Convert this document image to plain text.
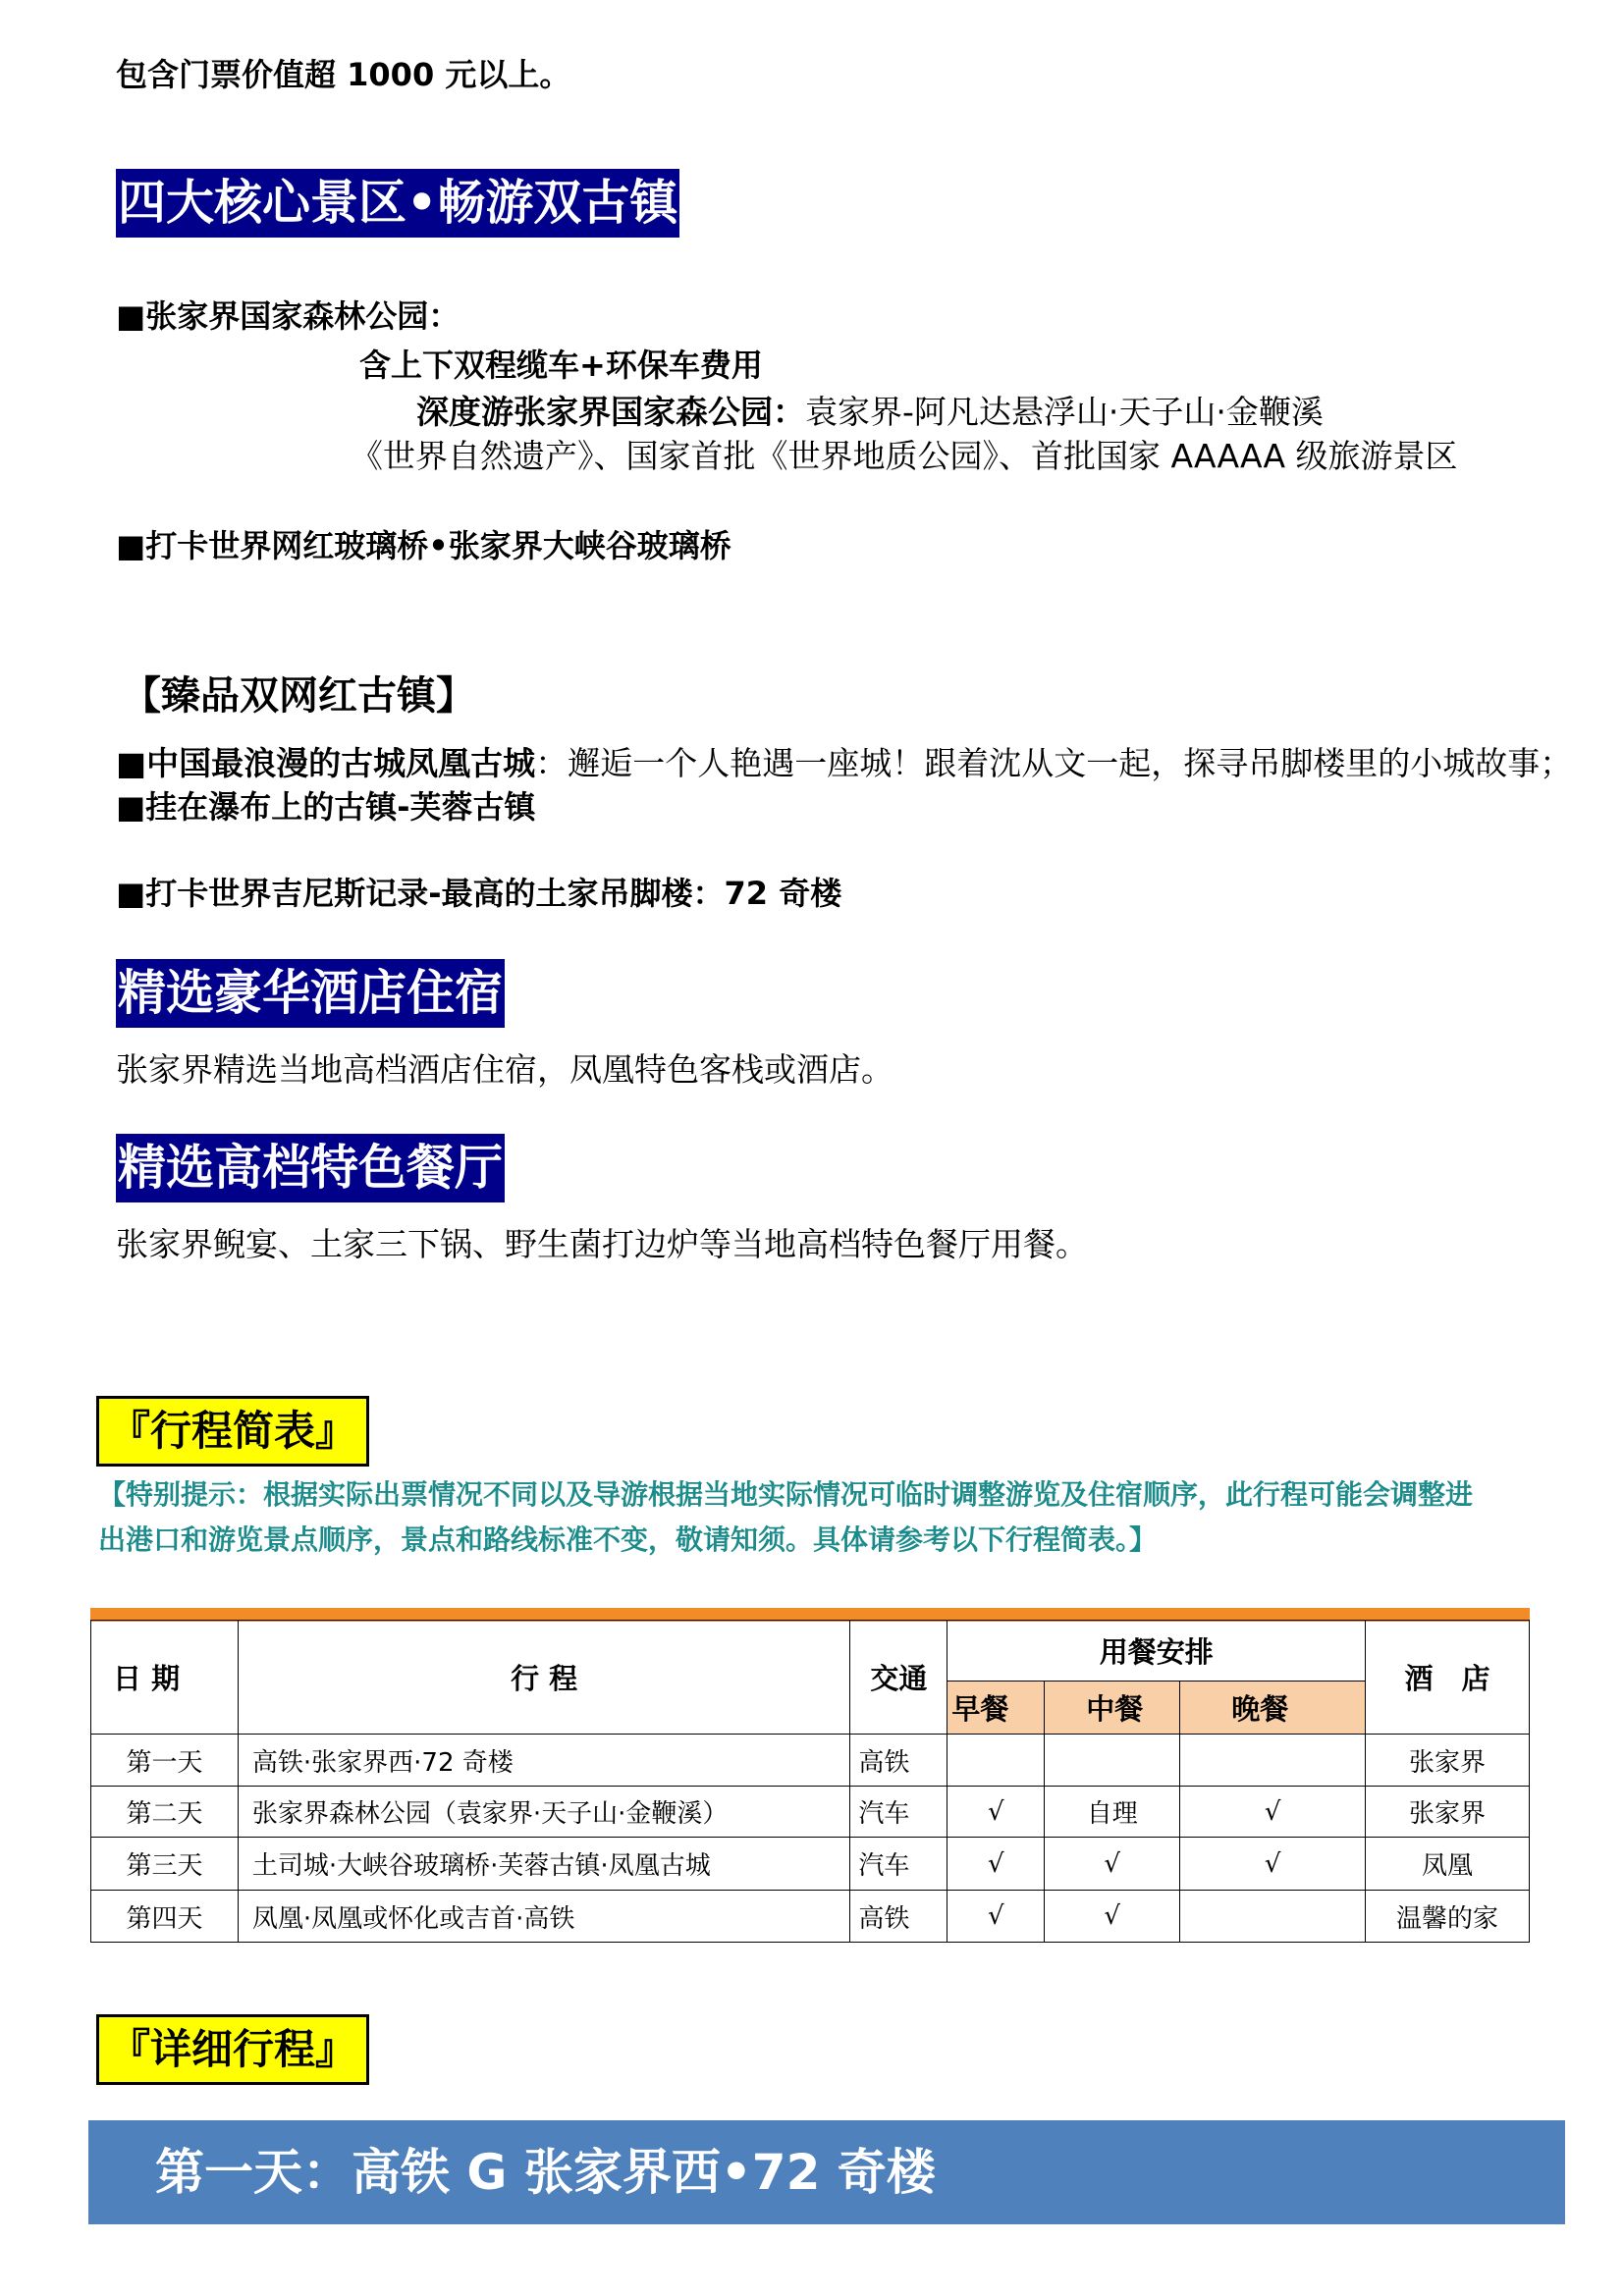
包含门票价值超 1000 元以上。
四大核心景区•畅游双古镇
■张家界国家森林公园：
含上下双程缆车+环保车费用
深度游张家界国家森公园：袁家界-阿凡达悬浮山·天子山·金鞭溪
《世界自然遗产》、国家首批《世界地质公园》、首批国家 AAAAA 级旅游景区
■打卡世界网红玻璃桥•张家界大峡谷玻璃桥
【臻品双网红古镇】
■中国最浪漫的古城凤凰古城：邂逅一个人艳遇一座城！跟着沈从文一起，探寻吊脚楼里的小城故事；
■挂在瀑布上的古镇-芙蓉古镇
■打卡世界吉尼斯记录-最高的土家吊脚楼：72 奇楼
精选豪华酒店住宿
张家界精选当地高档酒店住宿，凤凰特色客栈或酒店。
精选高档特色餐厅
张家界鲵宴、土家三下锅、野生菌打边炉等当地高档特色餐厅用餐。
『行程简表』
【特别提示：根据实际出票情况不同以及导游根据当地实际情况可临时调整游览及住宿顺序，此行程可能会调整进
出港口和游览景点顺序，景点和路线标准不变，敬请知须。具体请参考以下行程简表。】
日 期	行 程	交通	用餐安排			酒　店
			早餐	中餐	晚餐	
第一天	高铁·张家界西·72 奇楼	高铁				张家界
第二天	张家界森林公园（袁家界·天子山·金鞭溪）	汽车	√	自理	√	张家界
第三天	土司城·大峡谷玻璃桥·芙蓉古镇·凤凰古城	汽车	√	√	√	凤凰
第四天	凤凰·凤凰或怀化或吉首·高铁	高铁	√	√		温馨的家
『详细行程』
第一天：高铁 G 张家界西•72 奇楼
